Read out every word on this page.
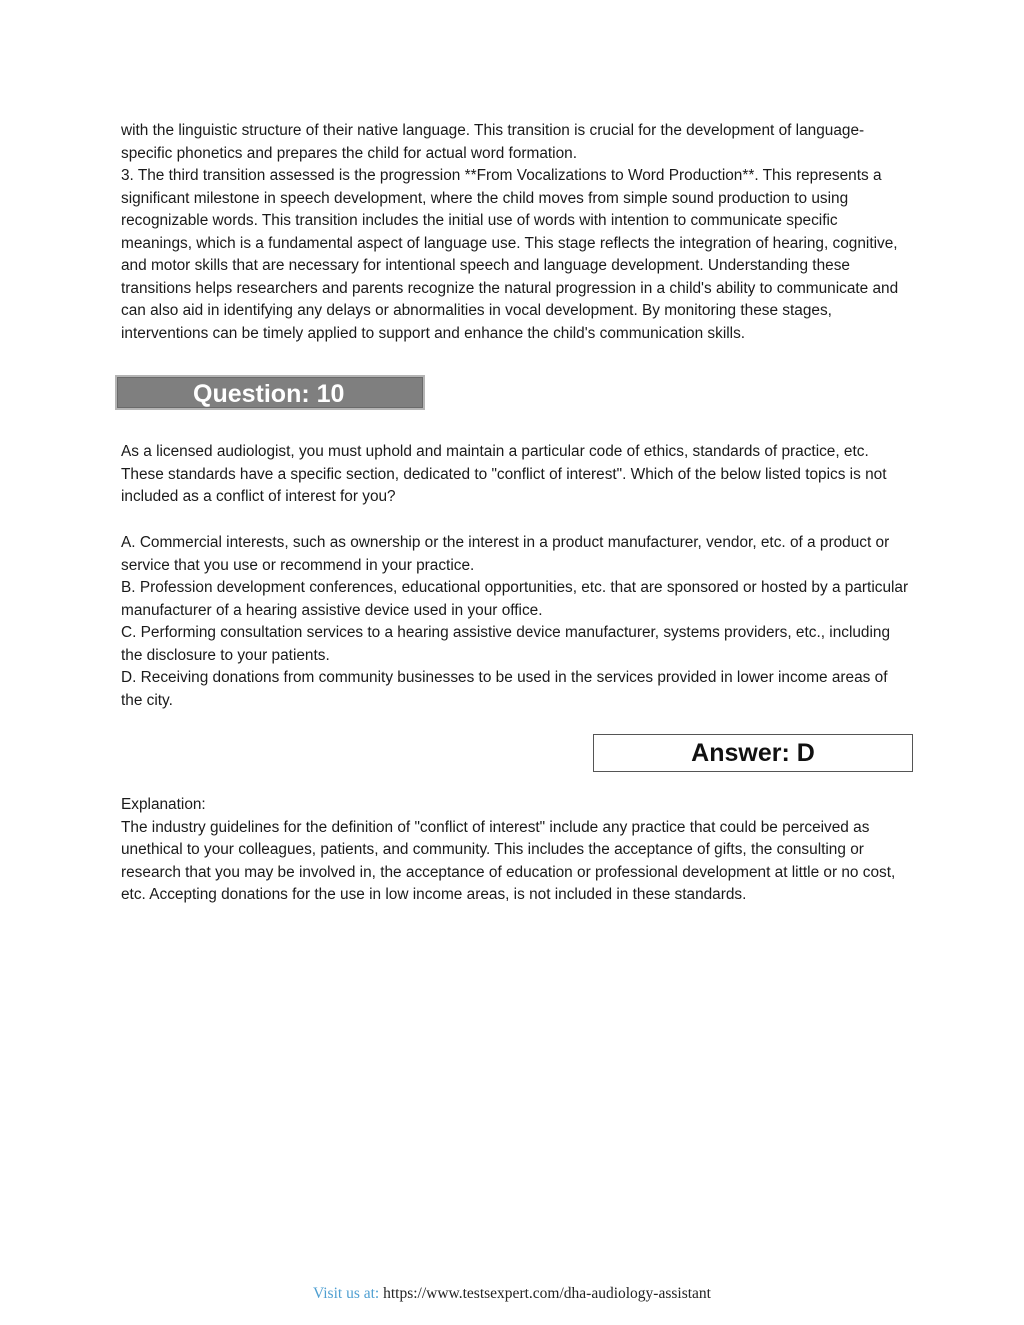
with the linguistic structure of their native language. This transition is crucial for the development of language-specific phonetics and prepares the child for actual word formation.

3. The third transition assessed is the progression **From Vocalizations to Word Production**. This represents a significant milestone in speech development, where the child moves from simple sound production to using recognizable words. This transition includes the initial use of words with intention to communicate specific meanings, which is a fundamental aspect of language use. This stage reflects the integration of hearing, cognitive, and motor skills that are necessary for intentional speech and language development. Understanding these transitions helps researchers and parents recognize the natural progression in a child's ability to communicate and can also aid in identifying any delays or abnormalities in vocal development. By monitoring these stages, interventions can be timely applied to support and enhance the child's communication skills.

Question: 10

As a licensed audiologist, you must uphold and maintain a particular code of ethics, standards of practice, etc. These standards have a specific section, dedicated to "conflict of interest". Which of the below listed topics is not included as a conflict of interest for you?

A. Commercial interests, such as ownership or the interest in a product manufacturer, vendor, etc. of a product or service that you use or recommend in your practice.

B. Profession development conferences, educational opportunities, etc. that are sponsored or hosted by a particular manufacturer of a hearing assistive device used in your office.

C. Performing consultation services to a hearing assistive device manufacturer, systems providers, etc., including the disclosure to your patients.

D. Receiving donations from community businesses to be used in the services provided in lower income areas of the city.

Answer: D

Explanation:

The industry guidelines for the definition of "conflict of interest" include any practice that could be perceived as unethical to your colleagues, patients, and community. This includes the acceptance of gifts, the consulting or research that you may be involved in, the acceptance of education or professional development at little or no cost, etc. Accepting donations for the use in low income areas, is not included in these standards.

Visit us at: https://www.testsexpert.com/dha-audiology-assistant
